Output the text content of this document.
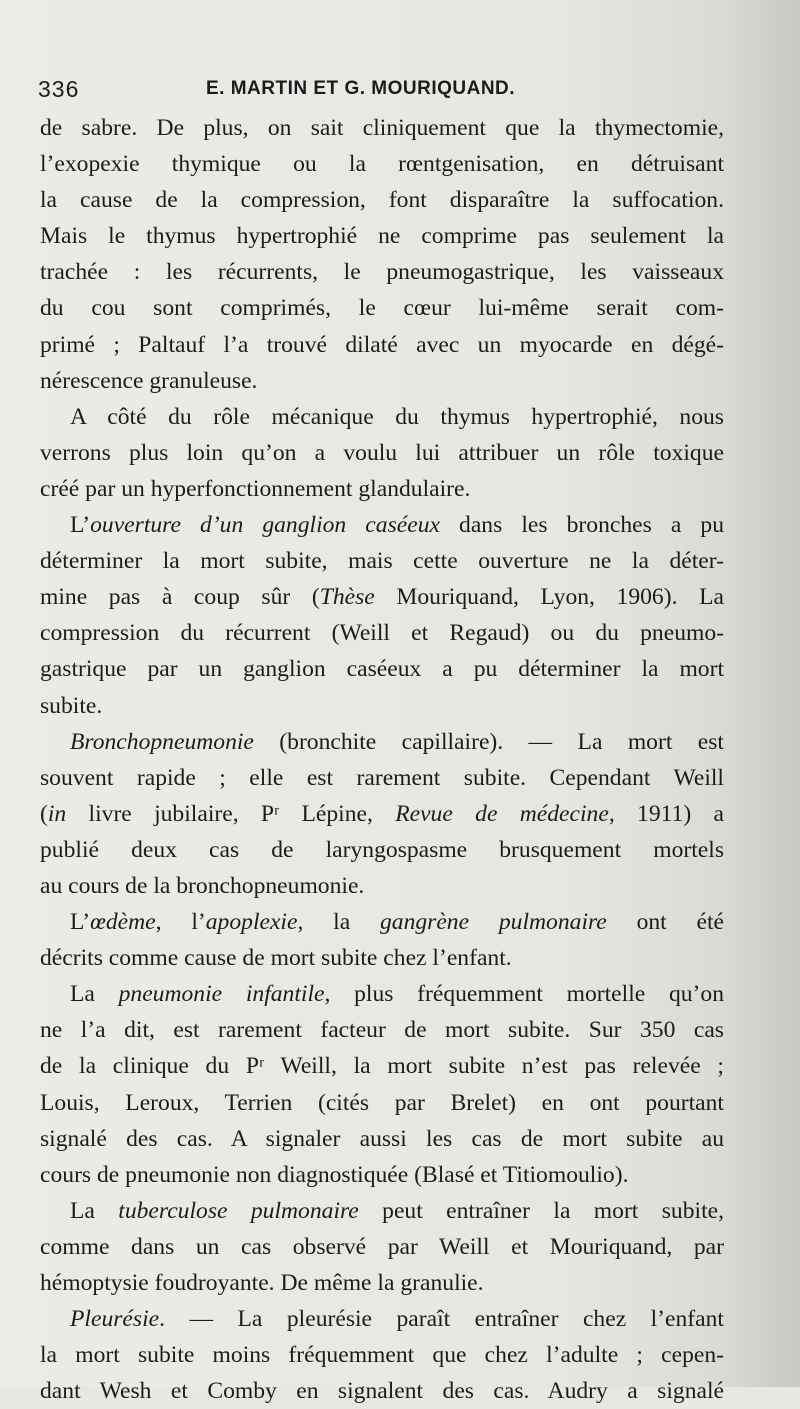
336	E. MARTIN ET G. MOURIQUAND.
de sabre. De plus, on sait cliniquement que la thymectomie,
l’exopexie thymique ou la rœntgenisation, en détruisant
la cause de la compression, font disparaître la suffocation.
Mais le thymus hypertrophié ne comprime pas seulement la
trachée : les récurrents, le pneumogastrique, les vaisseaux
du cou sont comprimés, le cœur lui-même serait com-
primé ; Paltauf l’a trouvé dilaté avec un myocarde en dégé-
nérescence granuleuse.
A côté du rôle mécanique du thymus hypertrophié, nous
verrons plus loin qu’on a voulu lui attribuer un rôle toxique
créé par un hyperfonctionnement glandulaire.
L’ouverture d’un ganglion caséeux dans les bronches a pu
déterminer la mort subite, mais cette ouverture ne la déter-
mine pas à coup sûr (Thèse Mouriquand, Lyon, 1906). La
compression du récurrent (Weill et Regaud) ou du pneumo-
gastrique par un ganglion caséeux a pu déterminer la mort
subite.
Bronchopneumonie (bronchite capillaire). — La mort est
souvent rapide ; elle est rarement subite. Cependant Weill
(in livre jubilaire, Pʳ Lépine, Revue de médecine, 1911) a
publié deux cas de laryngospasme brusquement mortels
au cours de la bronchopneumonie.
L’œdème, l’apoplexie, la gangrène pulmonaire ont été
décrits comme cause de mort subite chez l’enfant.
La pneumonie infantile, plus fréquemment mortelle qu’on
ne l’a dit, est rarement facteur de mort subite. Sur 350 cas
de la clinique du Pʳ Weill, la mort subite n’est pas relevée ;
Louis, Leroux, Terrien (cités par Brelet) en ont pourtant
signalé des cas. A signaler aussi les cas de mort subite au
cours de pneumonie non diagnostiquée (Blasé et Titiomoulio).
La tuberculose pulmonaire peut entraîner la mort subite,
comme dans un cas observé par Weill et Mouriquand, par
hémoptysie foudroyante. De même la granulie.
Pleurésie. — La pleurésie paraît entraîner chez l’enfant
la mort subite moins fréquemment que chez l’adulte ; cepen-
dant Wesh et Comby en signalent des cas. Audry a signalé
